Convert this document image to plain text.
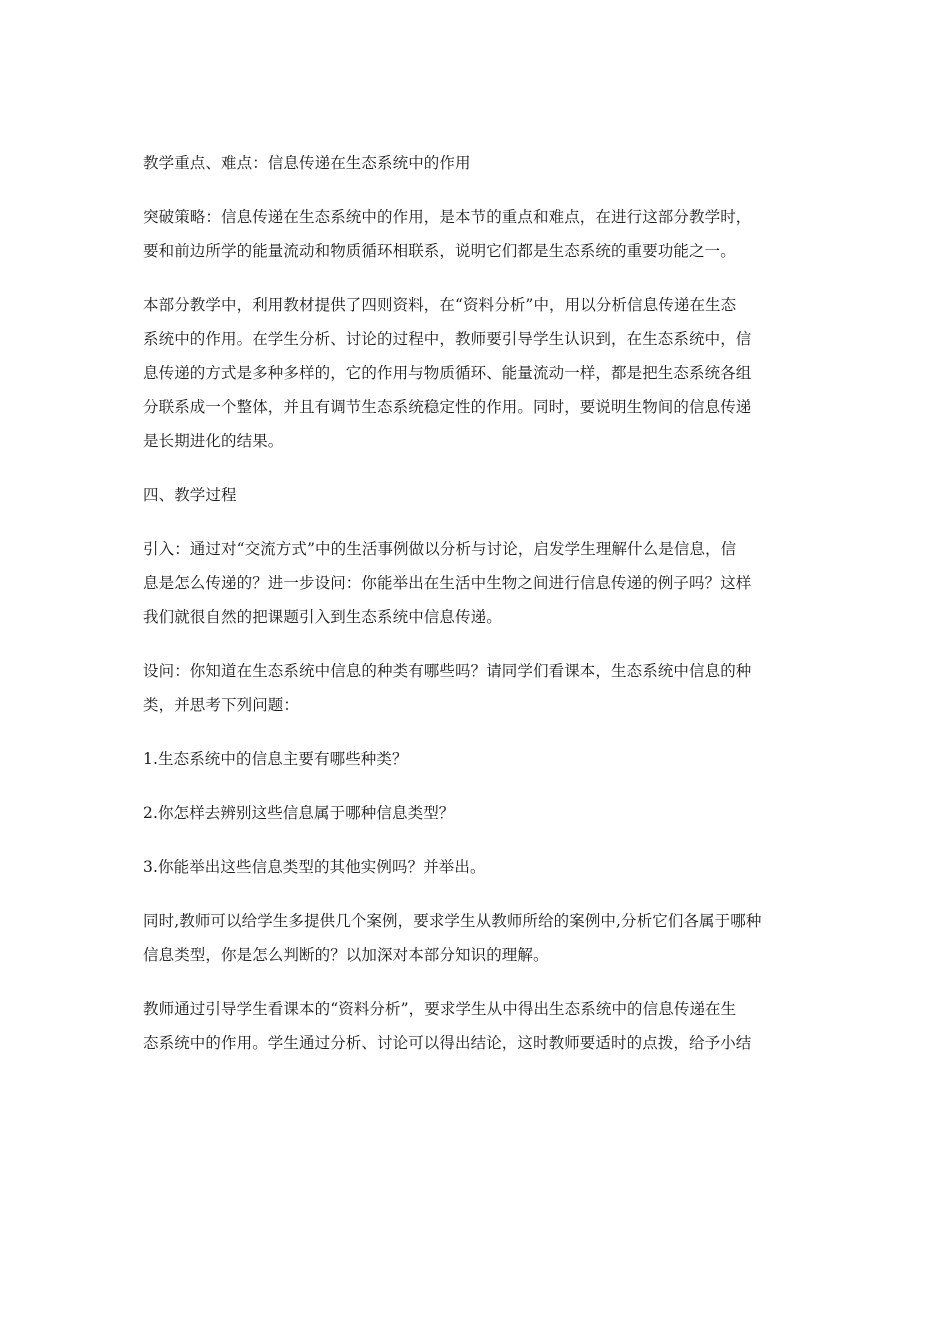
教学重点、难点：信息传递在生态系统中的作用

突破策略：信息传递在生态系统中的作用，是本节的重点和难点，在进行这部分教学时，
要和前边所学的能量流动和物质循环相联系，说明它们都是生态系统的重要功能之一。

本部分教学中，利用教材提供了四则资料，在“资料分析”中，用以分析信息传递在生态
系统中的作用。在学生分析、讨论的过程中，教师要引导学生认识到，在生态系统中，信
息传递的方式是多种多样的，它的作用与物质循环、能量流动一样，都是把生态系统各组
分联系成一个整体，并且有调节生态系统稳定性的作用。同时，要说明生物间的信息传递
是长期进化的结果。

四、教学过程

引入：通过对“交流方式”中的生活事例做以分析与讨论，启发学生理解什么是信息，信
息是怎么传递的？进一步设问：你能举出在生活中生物之间进行信息传递的例子吗？这样
我们就很自然的把课题引入到生态系统中信息传递。

设问：你知道在生态系统中信息的种类有哪些吗？请同学们看课本，生态系统中信息的种
类，并思考下列问题：

1.生态系统中的信息主要有哪些种类？

2.你怎样去辨别这些信息属于哪种信息类型？

3.你能举出这些信息类型的其他实例吗？并举出。

同时,教师可以给学生多提供几个案例，要求学生从教师所给的案例中,分析它们各属于哪种
信息类型，你是怎么判断的？以加深对本部分知识的理解。

教师通过引导学生看课本的“资料分析”，要求学生从中得出生态系统中的信息传递在生
态系统中的作用。学生通过分析、讨论可以得出结论，这时教师要适时的点拨，给予小结
